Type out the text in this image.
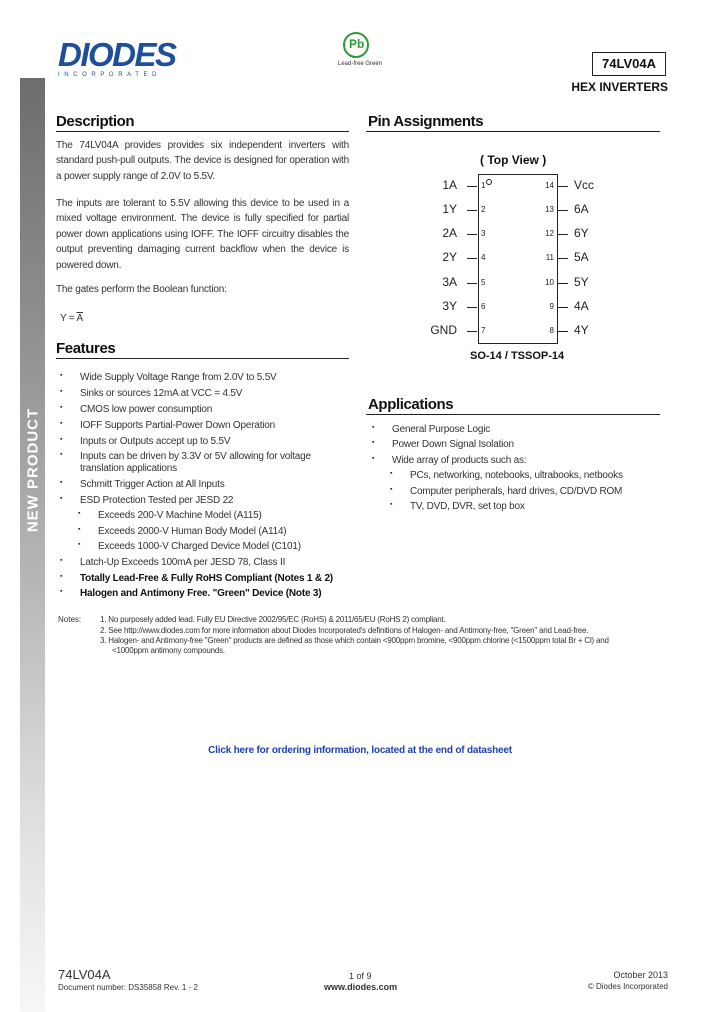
NEW PRODUCT
DIODES
INCORPORATED
Pb
Lead-free Green	74LV04A
HEX INVERTERS
Description
The 74LV04A provides provides six independent inverters with standard push-pull outputs. The device is designed for operation with a power supply range of 2.0V to 5.5V.
The inputs are tolerant to 5.5V allowing this device to be used in a mixed voltage environment. The device is fully specified for partial power down applications using IOFF. The IOFF circuitry disables the output preventing damaging current backflow when the device is powered down.
The gates perform the Boolean function:
$Y = \overline{A}$
Features
Wide Supply Voltage Range from 2.0V to 5.5V
▪
Sinks or sources 12mA at VCC = 4.5V
▪
CMOS low power consumption
▪
IOFF Supports Partial-Power Down Operation
▪
Inputs or Outputs accept up to 5.5V
▪
Inputs can be driven by 3.3V or 5V allowing for voltage
▪
translation applications
Schmitt Trigger Action at All Inputs
▪
ESD Protection Tested per JESD 22
▪
Exceeds 200-V Machine Model (A115)
▪
Exceeds 2000-V Human Body Model (A114)
▪
Exceeds 1000-V Charged Device Model (C101)
▪
Latch-Up Exceeds 100mA per JESD 78, Class II
▪
Totally Lead-Free & Fully RoHS Compliant (Notes 1 & 2)
▪
Halogen and Antimony Free. "Green" Device (Note 3)
▪
Pin Assignments
( Top View )
1A	1
1Y	2
2A	3
2Y	4
3A	5
3Y	6
GND	7
Vcc
14
6A
13
6Y
12
5A
11
5Y
10
4A
9
4Y
8
SO-14 / TSSOP-14
Applications
General Purpose Logic
▪
Power Down Signal Isolation
▪
Wide array of products such as:
▪
PCs, networking, notebooks, ultrabooks, netbooks
▪
Computer peripherals, hard drives, CD/DVD ROM
▪
TV, DVD, DVR, set top box
▪
Notes: 1. No purposely added lead. Fully EU Directive 2002/95/EC (RoHS) & 2011/65/EU (RoHS 2) compliant.
2. See http://www.diodes.com for more information about Diodes Incorporated's definitions of Halogen- and Antimony-free, "Green" and Lead-free.
3. Halogen- and Antimony-free "Green" products are defined as those which contain <900ppm bromine, <900ppm chlorine (<1500ppm total Br + Cl) and
<1000ppm antimony compounds.
Click here for ordering information, located at the end of datasheet
74LV04A
Document number: DS35858 Rev. 1 - 2
1 of 9
www.diodes.com
October 2013
© Diodes Incorporated
